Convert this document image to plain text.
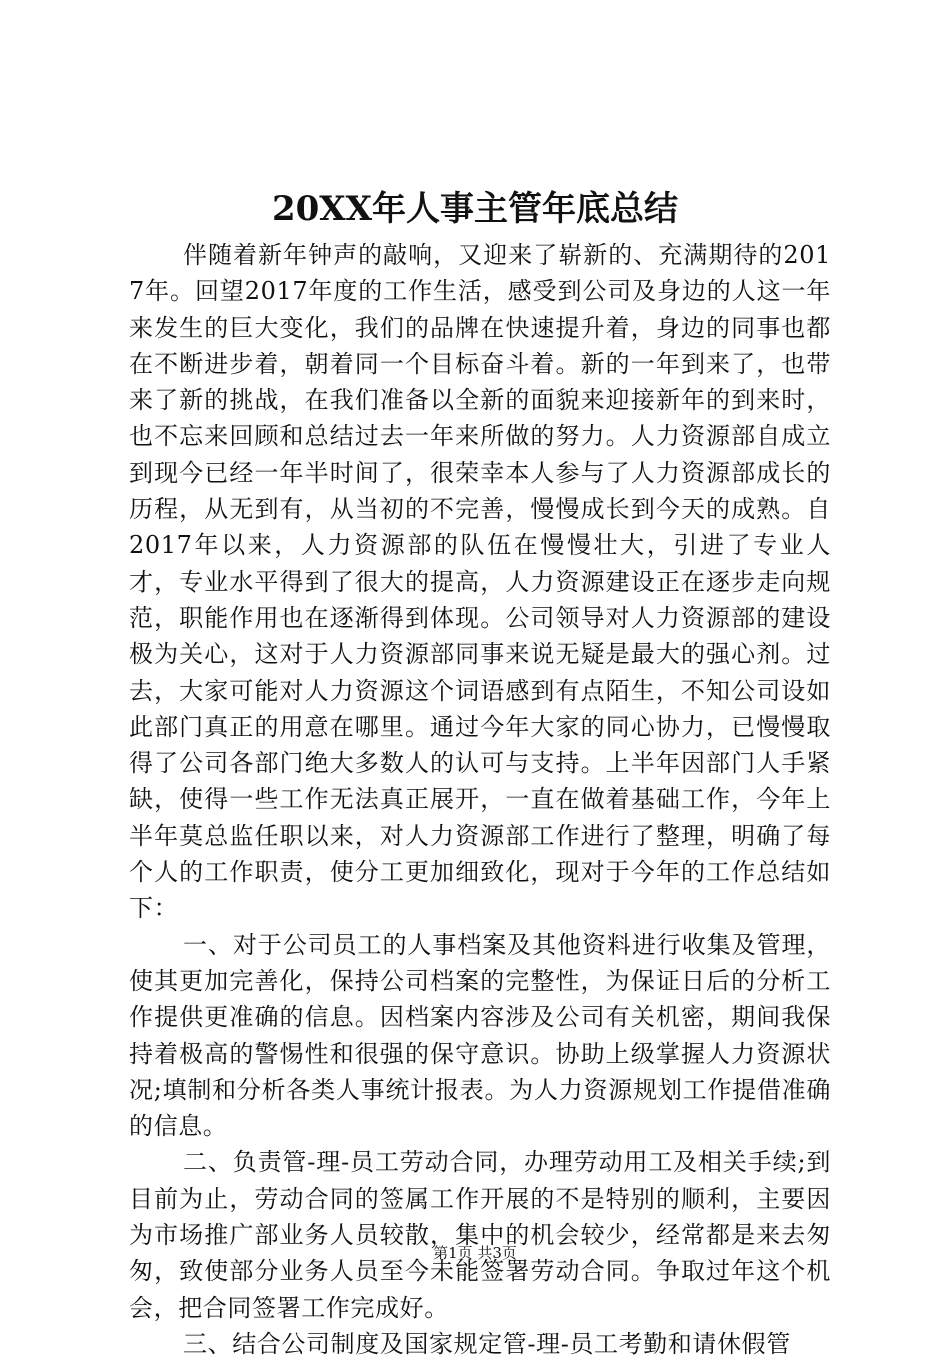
20XX年人事主管年底总结

伴随着新年钟声的敲响，又迎来了崭新的、充满期待的2017年。回望2017年度的工作生活，感受到公司及身边的人这一年来发生的巨大变化，我们的品牌在快速提升着，身边的同事也都在不断进步着，朝着同一个目标奋斗着。新的一年到来了，也带来了新的挑战，在我们准备以全新的面貌来迎接新年的到来时，也不忘来回顾和总结过去一年来所做的努力。人力资源部自成立到现今已经一年半时间了，很荣幸本人参与了人力资源部成长的历程，从无到有，从当初的不完善，慢慢成长到今天的成熟。自2017年以来，人力资源部的队伍在慢慢壮大，引进了专业人才，专业水平得到了很大的提高，人力资源建设正在逐步走向规范，职能作用也在逐渐得到体现。公司领导对人力资源部的建设极为关心，这对于人力资源部同事来说无疑是最大的强心剂。过去，大家可能对人力资源这个词语感到有点陌生，不知公司设如此部门真正的用意在哪里。通过今年大家的同心协力，已慢慢取得了公司各部门绝大多数人的认可与支持。上半年因部门人手紧缺，使得一些工作无法真正展开，一直在做着基础工作，今年上半年莫总监任职以来，对人力资源部工作进行了整理，明确了每个人的工作职责，使分工更加细致化，现对于今年的工作总结如下：

一、对于公司员工的人事档案及其他资料进行收集及管理，使其更加完善化，保持公司档案的完整性，为保证日后的分析工作提供更准确的信息。因档案内容涉及公司有关机密，期间我保持着极高的警惕性和很强的保守意识。协助上级掌握人力资源状况;填制和分析各类人事统计报表。为人力资源规划工作提借准确的信息。

二、负责管-理-员工劳动合同，办理劳动用工及相关手续;到目前为止，劳动合同的签属工作开展的不是特别的顺利，主要因为市场推广部业务人员较散，集中的机会较少，经常都是来去匆匆，致使部分业务人员至今未能签署劳动合同。争取过年这个机会，把合同签署工作完成好。

三、结合公司制度及国家规定管-理-员工考勤和请休假管

第1页 共3页
